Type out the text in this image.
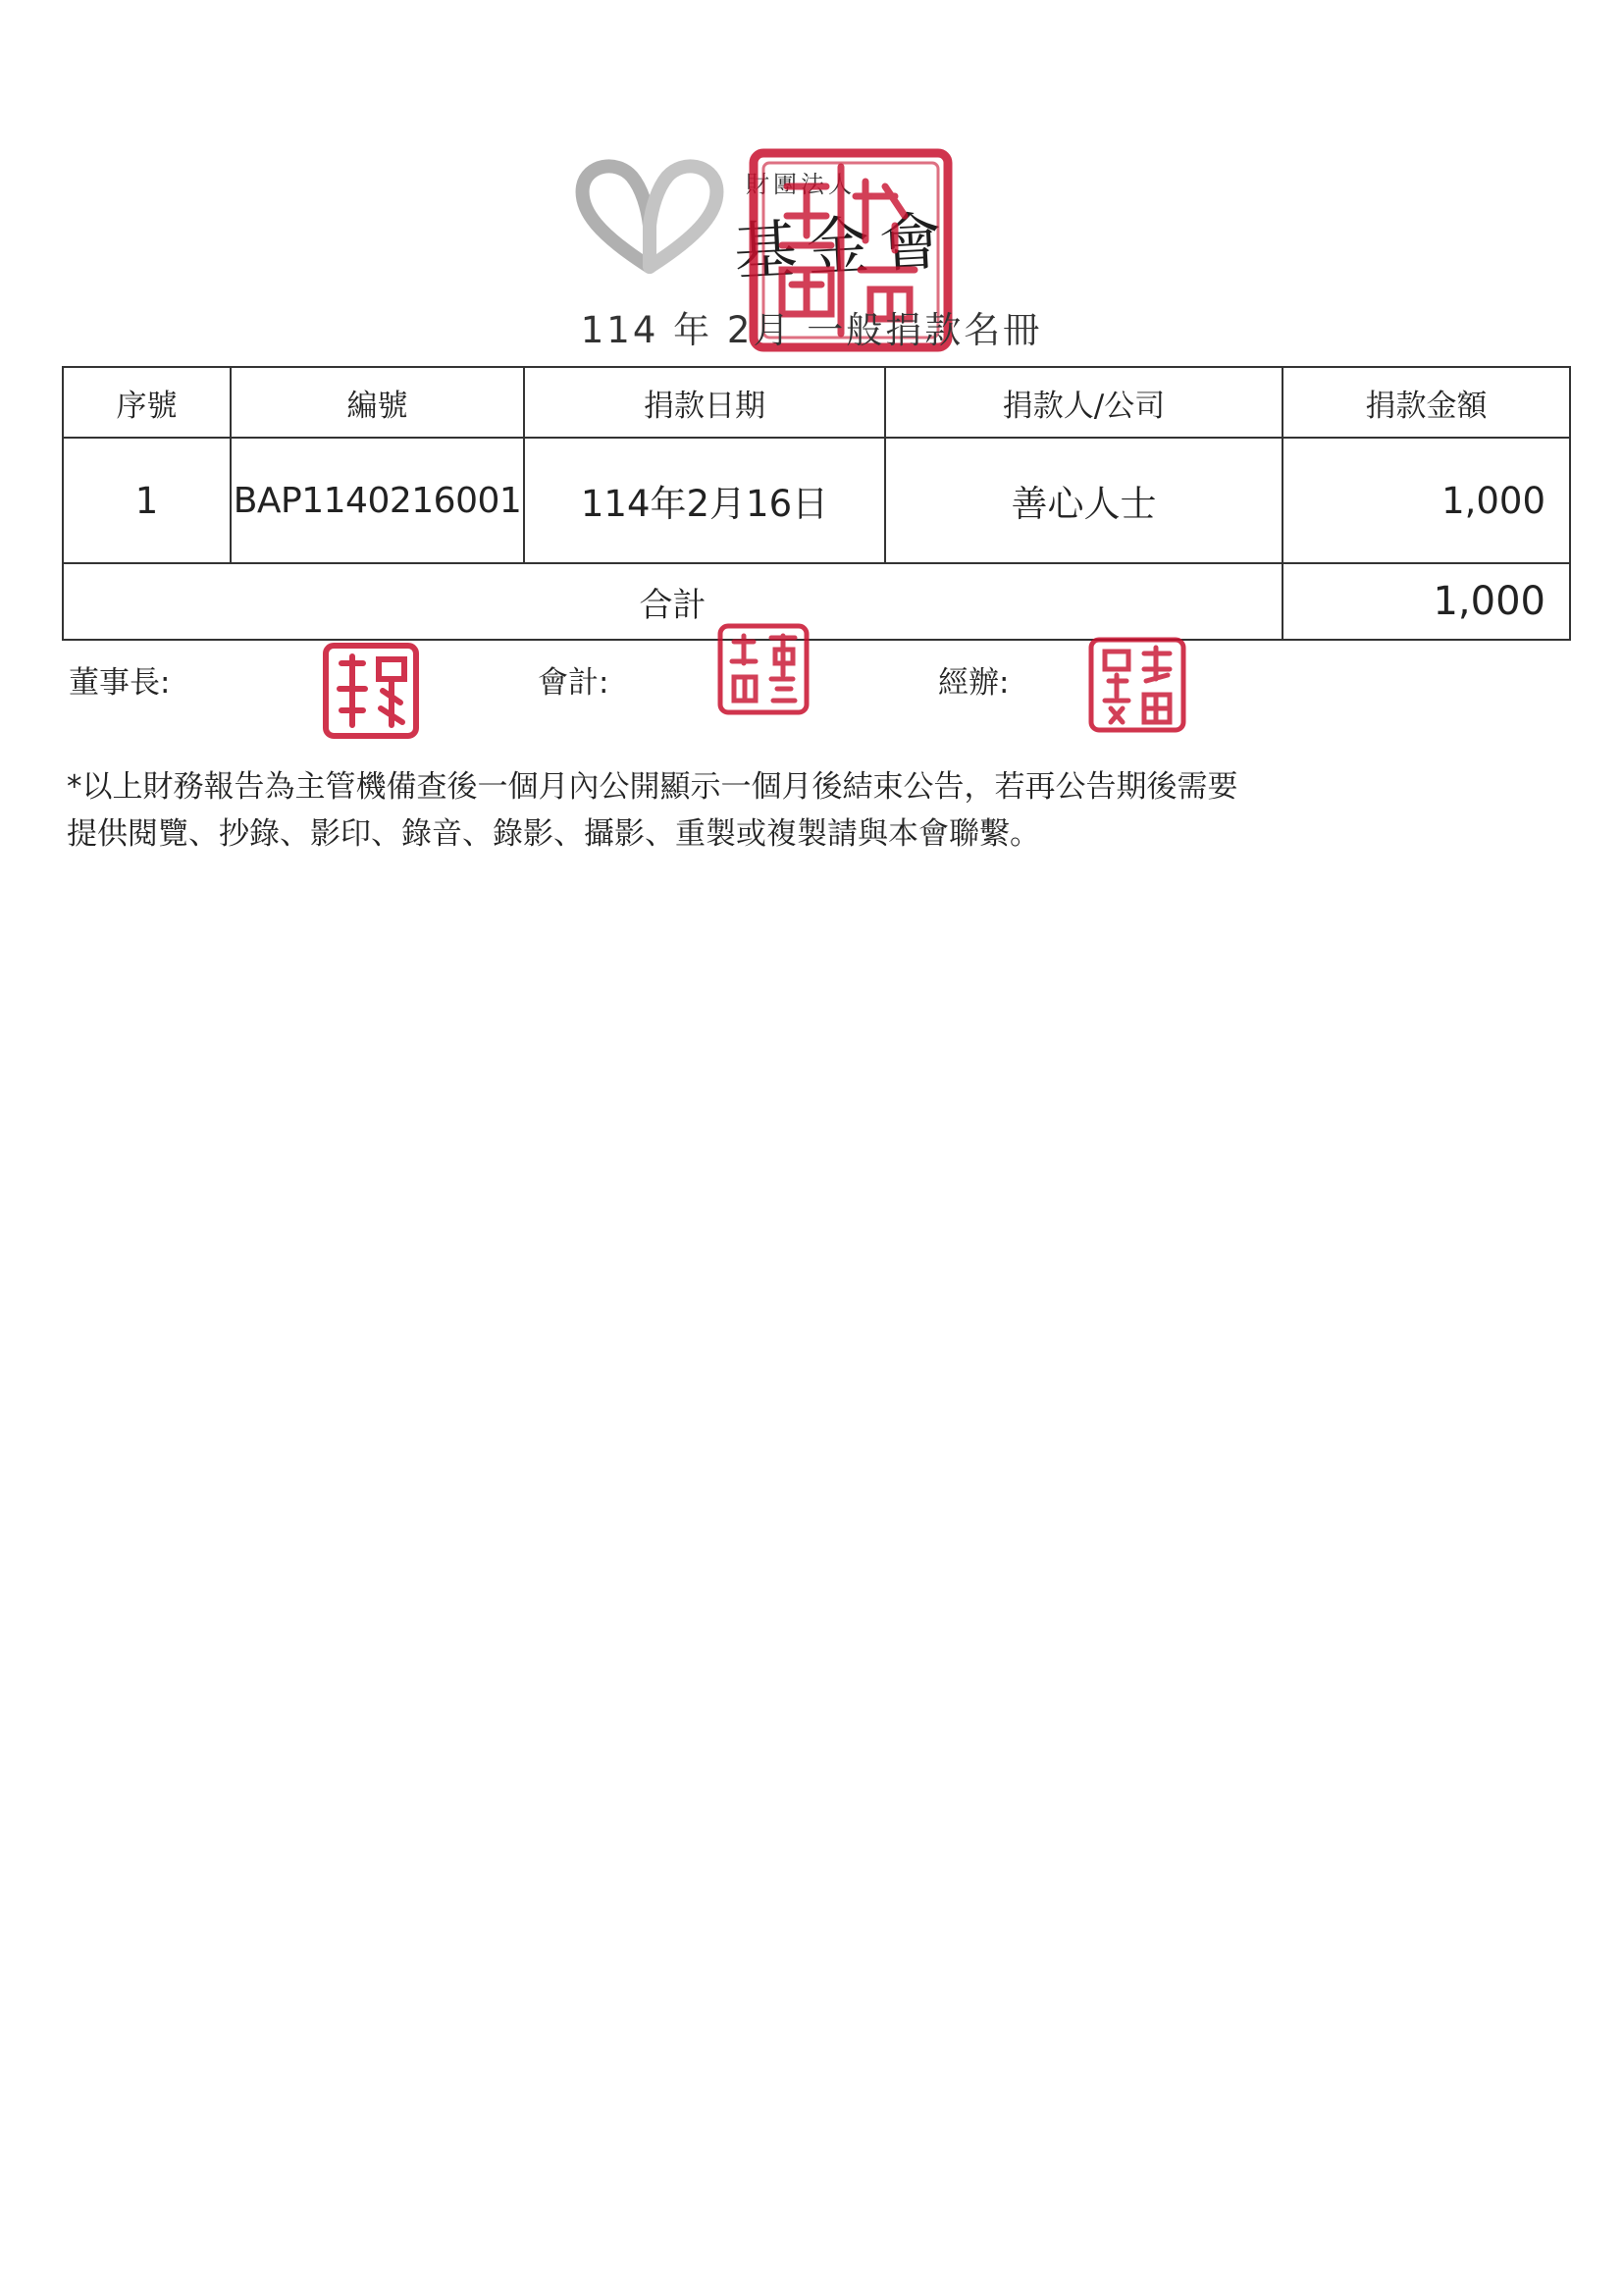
財團法人
基金會
114 年 2月 一般捐款名冊
序號	編號	捐款日期	捐款人/公司	捐款金額
1	BAP1140216001	114年2月16日	善心人士	1,000
合計				1,000
董事長:	會計:	經辦:
*以上財務報告為主管機備查後一個月內公開顯示一個月後結束公告，若再公告期後需要提供閱覽、抄錄、影印、錄音、錄影、攝影、重製或複製請與本會聯繫。
